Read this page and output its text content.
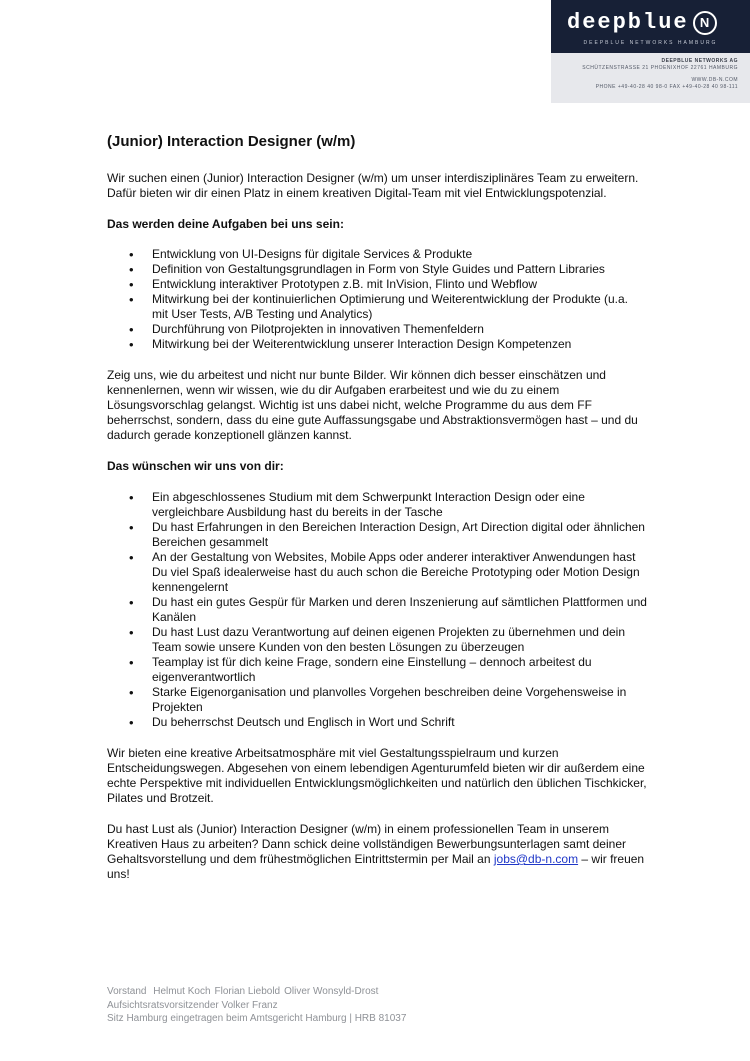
deepblue N
DEEPBLUE NETWORKS HAMBURG
DEEPBLUE NETWORKS AG
SCHÜTZENSTRASSE 21 PHOENIXHOF 22761 HAMBURG
WWW.DB-N.COM
PHONE +49-40-28 40 98-0 FAX +49-40-28 40 98-111
(Junior) Interaction Designer (w/m)

Wir suchen einen (Junior) Interaction Designer (w/m) um unser interdisziplinäres Team zu erweitern. Dafür bieten wir dir einen Platz in einem kreativen Digital-Team mit viel Entwicklungspotenzial.

Das werden deine Aufgaben bei uns sein:

• Entwicklung von UI-Designs für digitale Services & Produkte
• Definition von Gestaltungsgrundlagen in Form von Style Guides und Pattern Libraries
• Entwicklung interaktiver Prototypen z.B. mit InVision, Flinto und Webflow
• Mitwirkung bei der kontinuierlichen Optimierung und Weiterentwicklung der Produkte (u.a. mit User Tests, A/B Testing und Analytics)
• Durchführung von Pilotprojekten in innovativen Themenfeldern
• Mitwirkung bei der Weiterentwicklung unserer Interaction Design Kompetenzen

Zeig uns, wie du arbeitest und nicht nur bunte Bilder. Wir können dich besser einschätzen und kennenlernen, wenn wir wissen, wie du dir Aufgaben erarbeitest und wie du zu einem Lösungsvorschlag gelangst. Wichtig ist uns dabei nicht, welche Programme du aus dem FF beherrschst, sondern, dass du eine gute Auffassungsgabe und Abstraktionsvermögen hast – und du dadurch gerade konzeptionell glänzen kannst.

Das wünschen wir uns von dir:

• Ein abgeschlossenes Studium mit dem Schwerpunkt Interaction Design oder eine vergleichbare Ausbildung hast du bereits in der Tasche
• Du hast Erfahrungen in den Bereichen Interaction Design, Art Direction digital oder ähnlichen Bereichen gesammelt
• An der Gestaltung von Websites, Mobile Apps oder anderer interaktiver Anwendungen hast Du viel Spaß idealerweise hast du auch schon die Bereiche Prototyping oder Motion Design kennengelernt
• Du hast ein gutes Gespür für Marken und deren Inszenierung auf sämtlichen Plattformen und Kanälen
• Du hast Lust dazu Verantwortung auf deinen eigenen Projekten zu übernehmen und dein Team sowie unsere Kunden von den besten Lösungen zu überzeugen
• Teamplay ist für dich keine Frage, sondern eine Einstellung – dennoch arbeitest du eigenverantwortlich
• Starke Eigenorganisation und planvolles Vorgehen beschreiben deine Vorgehensweise in Projekten
• Du beherrschst Deutsch und Englisch in Wort und Schrift

Wir bieten eine kreative Arbeitsatmosphäre mit viel Gestaltungsspielraum und kurzen Entscheidungswegen. Abgesehen von einem lebendigen Agenturumfeld bieten wir dir außerdem eine echte Perspektive mit individuellen Entwicklungsmöglichkeiten und natürlich den üblichen Tischkicker, Pilates und Brotzeit.

Du hast Lust als (Junior) Interaction Designer (w/m) in einem professionellen Team in unserem Kreativen Haus zu arbeiten? Dann schick deine vollständigen Bewerbungsunterlagen samt deiner Gehaltsvorstellung und dem frühestmöglichen Eintrittstermin per Mail an jobs@db-n.com – wir freuen uns!

Vorstand Helmut Koch Florian Liebold Oliver Wonsyld-Drost
Aufsichtsratsvorsitzender Volker Franz
Sitz Hamburg eingetragen beim Amtsgericht Hamburg | HRB 81037
